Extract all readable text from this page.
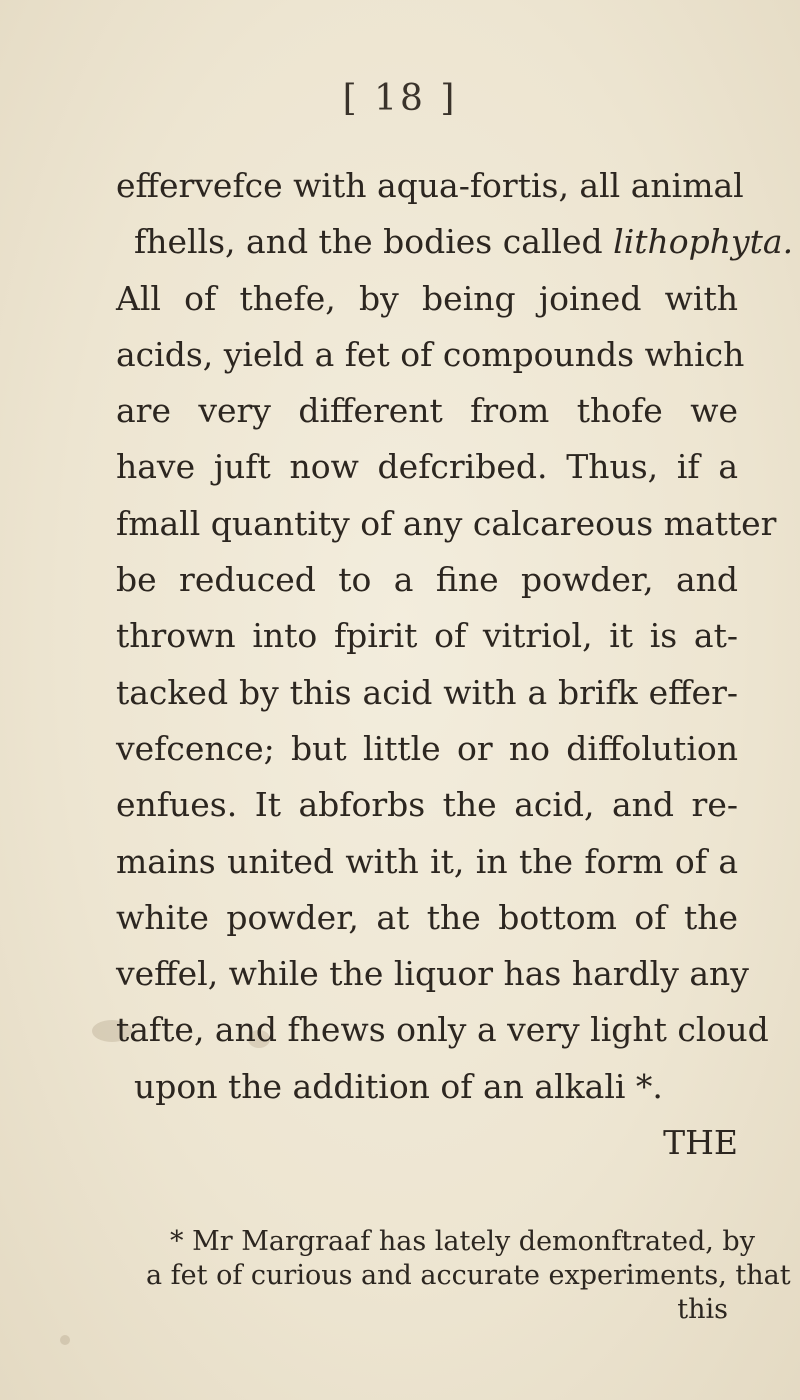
[ 18 ]
effervefce with aqua-fortis, all animal
fhells, and the bodies called lithophyta.
All of thefe, by being joined with
acids, yield a fet of compounds which
are very different from thofe we
have juft now defcribed. Thus, if a
fmall quantity of any calcareous matter
be reduced to a fine powder, and
thrown into fpirit of vitriol, it is at-
tacked by this acid with a brifk effer-
vefcence; but little or no diffolution
enfues. It abforbs the acid, and re-
mains united with it, in the form of a
white powder, at the bottom of the
veffel, while the liquor has hardly any
tafte, and fhews only a very light cloud
upon the addition of an alkali *.
THE
* Mr Margraaf has lately demonftrated, by
a fet of curious and accurate experiments, that
this
